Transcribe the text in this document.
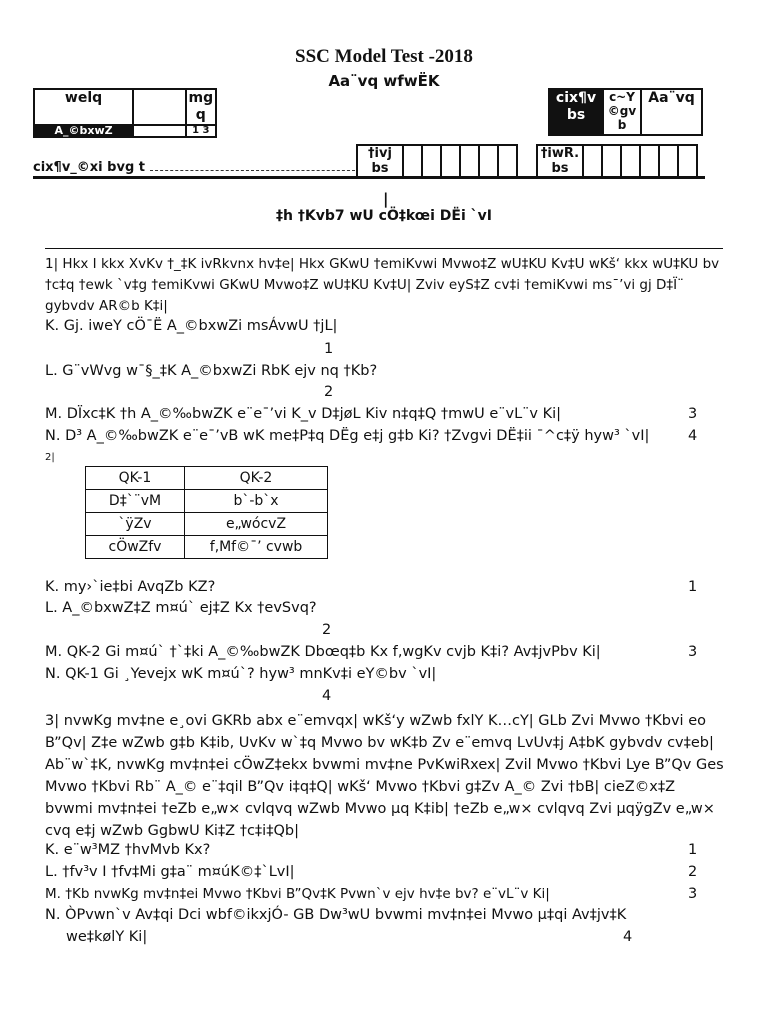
SSC Model Test -2018
Aa¨vq wfwËK
welq		mg q
A_©bxwZ		1 3
cix¶v bs	c~Y ©gv b	Aa¨vq
cix¶v_©xi bvg t
†ivj bs						
†iwR. bs						
|
‡h †Kvb7 wU cÖ‡kœi DËi `vI
1| Hkx I kkx XvKv †_‡K ivRkvnx hv‡e| Hkx GKwU †emiKvwi Mvwo‡Z wU‡KU Kv‡U wKš‘ kkx wU‡KU bv †c‡q †ewk `v‡g †emiKvwi GKwU Mvwo‡Z wU‡KU Kv‡U| Zviv eyS‡Z cv‡i †emiKvwi ms¯’vi gj D‡Ï¨ gybvdv AR©b K‡i|
K. Gj. iweY cÖ¯Ë A_©bxwZi msÁvwU †jL|
1
L. G¨vWvg w¯§_‡K A_©bxwZi RbK ejv nq †Kb?
2
M. DÏxc‡K †h A_©‰bwZK e¨e¯’vi K_v D‡jøL Kiv n‡q‡Q †mwU e¨vL¨v Ki|	3
N. D³ A_©‰bwZK e¨e¯’vB wK me‡P‡q DËg e‡j g‡b Ki? †Zvgvi DË‡ii ¯^c‡ÿ hyw³ `vI|	4
2|
QK-1	QK-2
D‡`¨vM	b`-b`x
`ÿZv	e„wócvZ
cÖwZfv	f‚Mf©¯’ cvwb
K. my›`ie‡bi AvqZb KZ?	1
L. A_©bxwZ‡Z m¤ú` ej‡Z Kx †evSvq?
2
M. QK-2 Gi m¤ú` †`‡ki A_©‰bwZK Dbœq‡b Kx f‚wgKv cvjb K‡i? Av‡jvPbv Ki|	3
N. QK-1 Gi ¸Yevejx wK m¤ú`? hyw³ mnKv‡i eY©bv `vI|
4
3| nvwKg mv‡ne e¸ovi GKRb abx e¨emvqx| wKš‘y wZwb fxlY K…cY| GLb Zvi Mvwo †Kbvi eo B”Qv| Z‡e wZwb g‡b K‡ib, UvKv w`‡q Mvwo bv wK‡b Zv e¨emvq LvUv‡j A‡bK gybvdv cv‡eb| Ab¨w`‡K, nvwKg mv‡n‡ei cÖwZ‡ekx bvwmi mv‡ne PvKwiRxex| Zvil Mvwo †Kbvi Lye B”Qv Ges Mvwo †Kbvi Rb¨ A_© e¨‡qil B”Qv i‡q‡Q| wKš‘ Mvwo †Kbvi g‡Zv A_© Zvi †bB| cieZ©x‡Z bvwmi mv‡n‡ei †eZb e„w× cvlqvq wZwb Mvwo µq K‡ib| †eZb e„w× cvlqvq Zvi µqÿgZv e„w× cvq e‡j wZwb GgbwU Ki‡Z †c‡i‡Qb|
K. e¨w³MZ †hvMvb Kx?	1
L. †fv³v I †fv‡Mi g‡a¨ m¤úK©‡`LvI|	2
M. †Kb nvwKg mv‡n‡ei Mvwo †Kbvi B”Qv‡K Pvwn`v ejv hv‡e bv? e¨vL¨v Ki|	3
N. ÒPvwn`v Av‡qi Dci wbf©ikxjÓ- GB Dw³wU bvwmi mv‡n‡ei Mvwo µ‡qi Av‡jv‡K
we‡kølY Ki|	4
